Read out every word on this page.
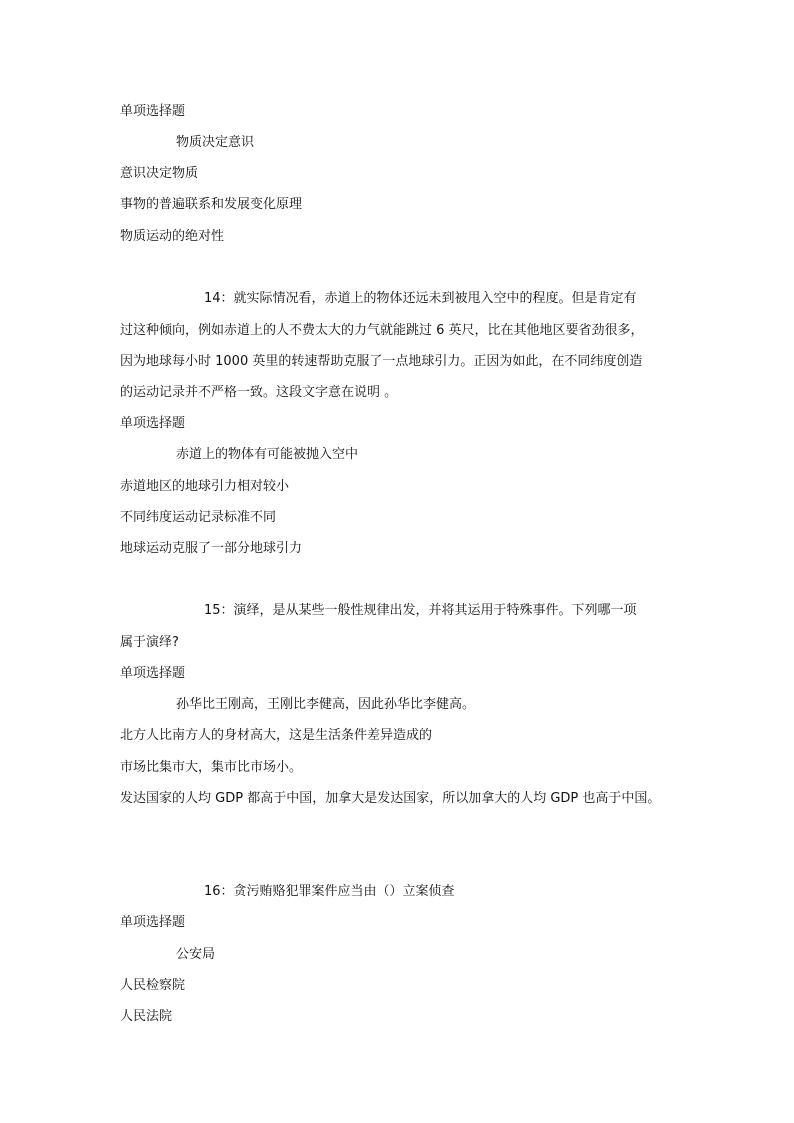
单项选择题

物质决定意识

意识决定物质

事物的普遍联系和发展变化原理

物质运动的绝对性

14：就实际情况看，赤道上的物体还远未到被甩入空中的程度。但是肯定有

过这种倾向，例如赤道上的人不费太大的力气就能跳过 6 英尺，比在其他地区要省劲很多，

因为地球每小时 1000 英里的转速帮助克服了一点地球引力。正因为如此，在不同纬度创造

的运动记录并不严格一致。这段文字意在说明 。

单项选择题

赤道上的物体有可能被抛入空中

赤道地区的地球引力相对较小

不同纬度运动记录标准不同

地球运动克服了一部分地球引力

15：演绎，是从某些一般性规律出发，并将其运用于特殊事件。下列哪一项

属于演绎?

单项选择题

孙华比王刚高，王刚比李健高，因此孙华比李健高。

北方人比南方人的身材高大，这是生活条件差异造成的

市场比集市大，集市比市场小。

发达国家的人均 GDP 都高于中国，加拿大是发达国家，所以加拿大的人均 GDP 也高于中国。

16：贪污贿赂犯罪案件应当由（）立案侦查

单项选择题

公安局

人民检察院

人民法院
